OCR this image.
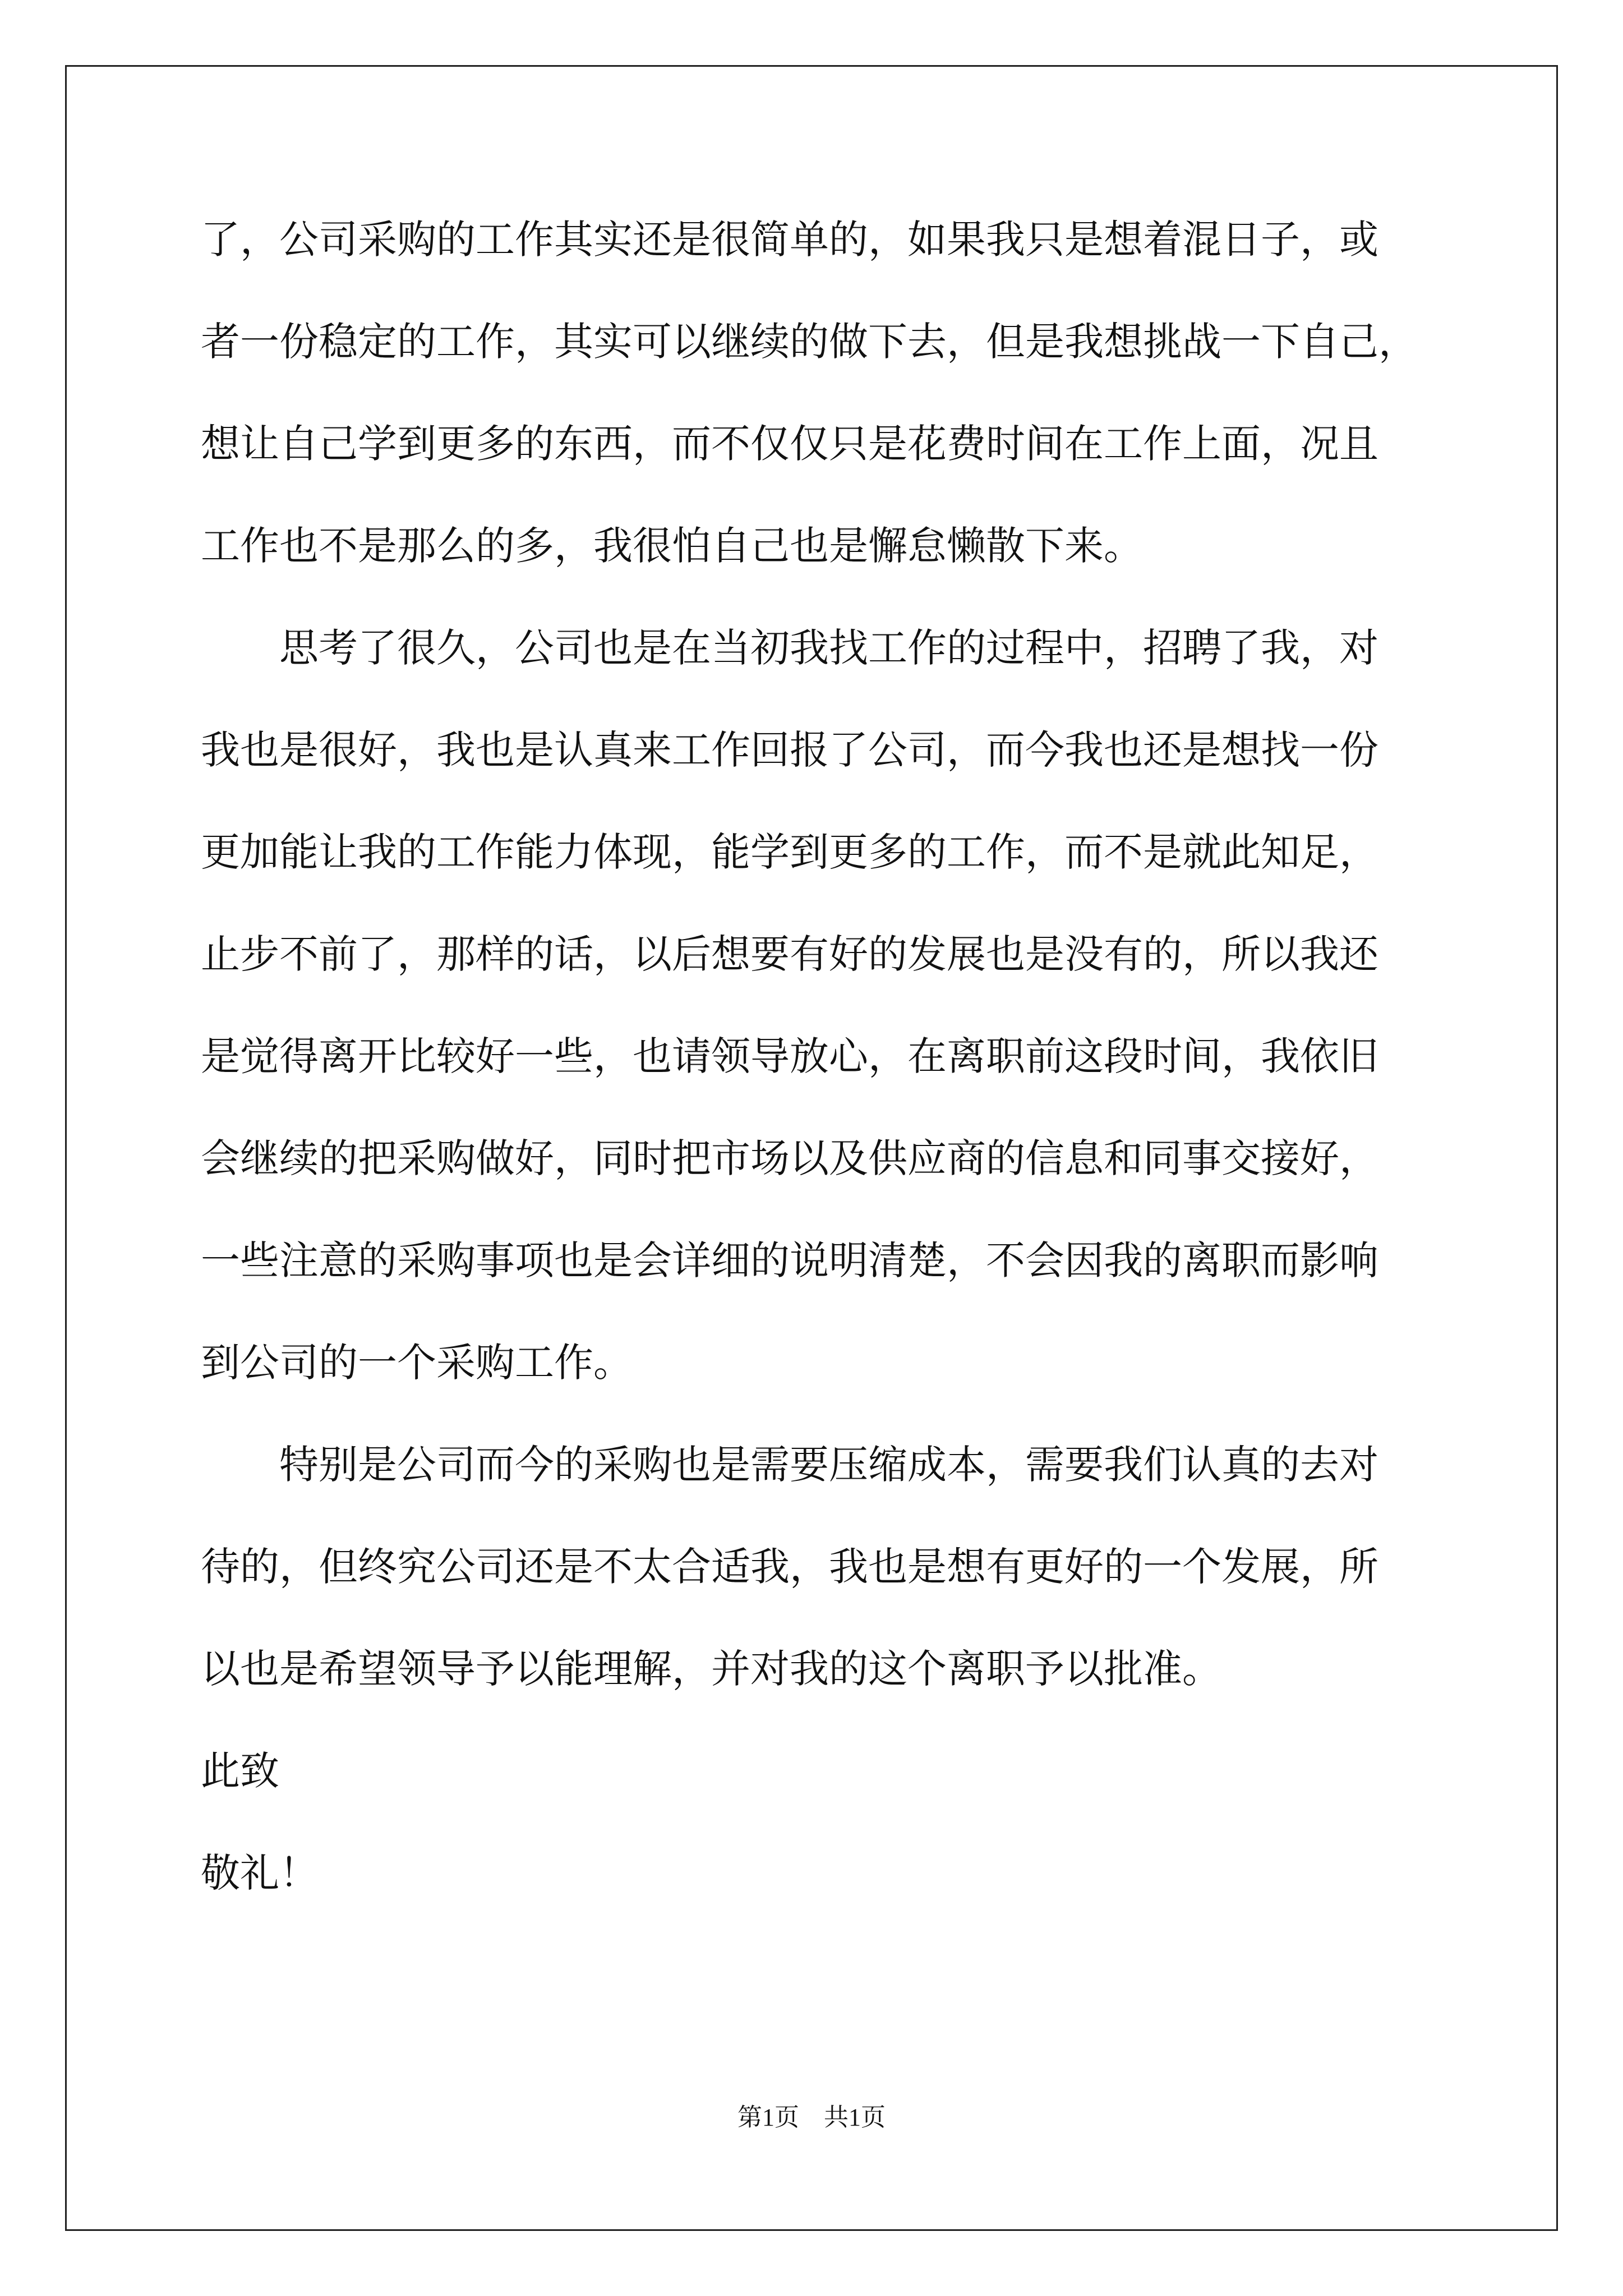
了，公司采购的工作其实还是很简单的，如果我只是想着混日子，或
者一份稳定的工作，其实可以继续的做下去，但是我想挑战一下自己，
想让自己学到更多的东西，而不仅仅只是花费时间在工作上面，况且
工作也不是那么的多，我很怕自己也是懈怠懒散下来。
　　思考了很久，公司也是在当初我找工作的过程中，招聘了我，对
我也是很好，我也是认真来工作回报了公司，而今我也还是想找一份
更加能让我的工作能力体现，能学到更多的工作，而不是就此知足，
止步不前了，那样的话，以后想要有好的发展也是没有的，所以我还
是觉得离开比较好一些，也请领导放心，在离职前这段时间，我依旧
会继续的把采购做好，同时把市场以及供应商的信息和同事交接好，
一些注意的采购事项也是会详细的说明清楚，不会因我的离职而影响
到公司的一个采购工作。
　　特别是公司而今的采购也是需要压缩成本，需要我们认真的去对
待的，但终究公司还是不太合适我，我也是想有更好的一个发展，所
以也是希望领导予以能理解，并对我的这个离职予以批准。
此致
敬礼！
第1页　共1页
